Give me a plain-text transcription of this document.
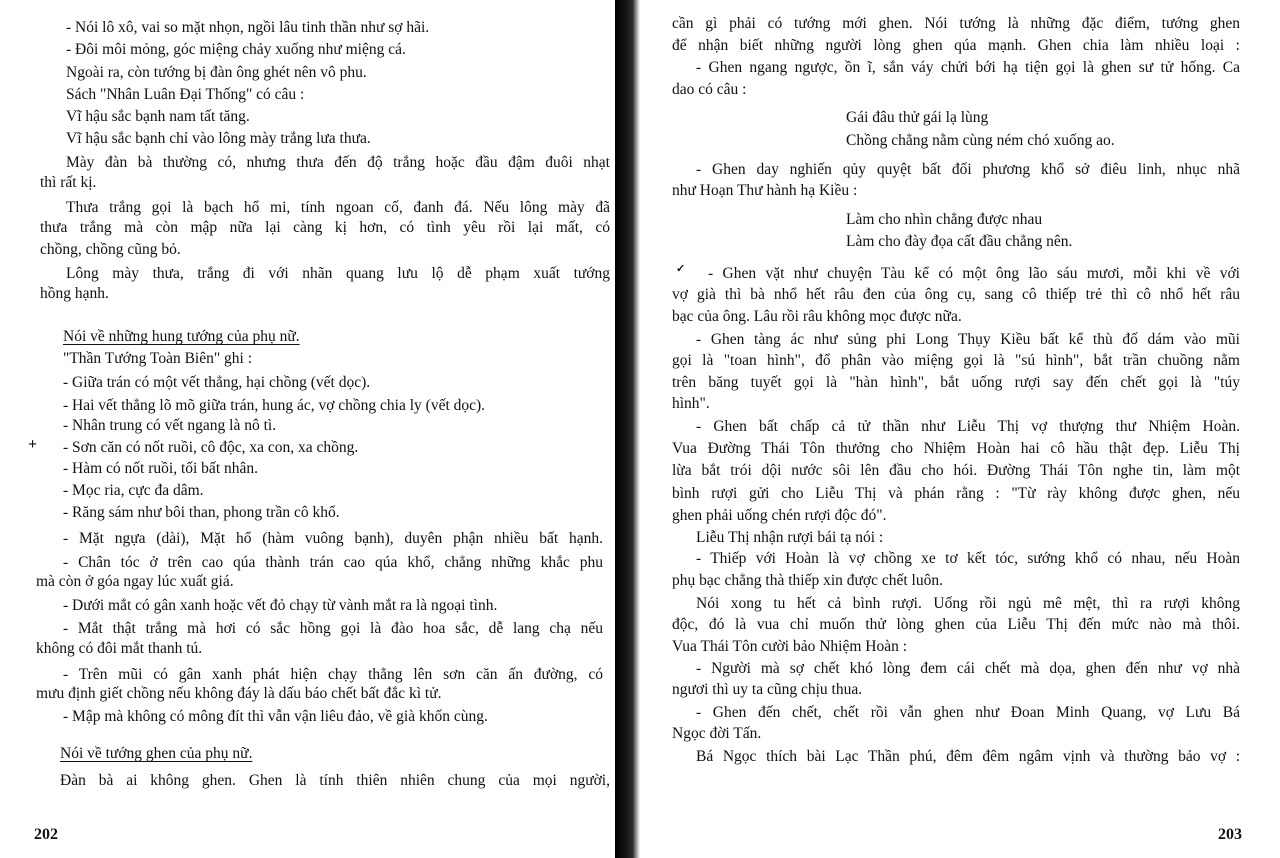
- Nói lô xô, vai so mặt nhọn, ngồi lâu tinh thần như sợ hãi.
- Đôi môi mỏng, góc miệng chảy xuống như miệng cá.
Ngoài ra, còn tướng bị đàn ông ghét nên vô phu.
Sách "Nhân Luân Đại Thống" có câu :
Vĩ hậu sắc bạnh nam tất tăng.
Vĩ hậu sắc bạnh chỉ vào lông mày trắng lưa thưa.
Mày đàn bà thường có, nhưng thưa đến độ trắng hoặc đầu đậm đuôi nhạt
thì rất kị.
Thưa trắng gọi là bạch hổ mi, tính ngoan cố, đanh đá. Nếu lông mày đã
thưa trắng mà còn mập nữa lại càng kị hơn, có tình yêu rồi lại mất, có
chồng, chồng cũng bỏ.
Lông mày thưa, trắng đi với nhãn quang lưu lộ dễ phạm xuất tướng
hồng hạnh.
Nói về những hung tướng của phụ nữ.
"Thần Tướng Toàn Biên" ghi :
- Giữa trán có một vết thẳng, hại chồng (vết dọc).
- Hai vết thẳng lõ mõ giữa trán, hung ác, vợ chồng chia ly (vết dọc).
- Nhân trung có vết ngang là nô tì.
- Sơn căn có nốt ruồi, cô độc, xa con, xa chồng.
- Hàm có nốt ruồi, tối bất nhân.
- Mọc ria, cực đa dâm.
- Răng sám như bôi than, phong trần cô khổ.
- Mặt ngựa (dài), Mặt hổ (hàm vuông bạnh), duyên phận nhiều bất hạnh.
- Chân tóc ở trên cao qúa thành trán cao qúa khổ, chẳng những khắc phu
mà còn ở góa ngay lúc xuất giá.
- Dưới mắt có gân xanh hoặc vết đỏ chạy từ vành mắt ra là ngoại tình.
- Mắt thật trắng mà hơi có sắc hồng gọi là đào hoa sắc, dễ lang chạ nếu
không có đôi mắt thanh tú.
- Trên mũi có gân xanh phát hiện chạy thẳng lên sơn căn ấn đường, có
mưu định giết chồng nếu không đáy là dấu báo chết bất đắc kì tử.
- Mập mà không có mông đít thì vẫn vận liêu đảo, về già khốn cùng.
Nói về tướng ghen của phụ nữ.
Đàn bà ai không ghen. Ghen là tính thiên nhiên chung của mọi người,
202
cần gì phải có tướng mới ghen. Nói tướng là những đặc điểm, tướng ghen
để nhận biết những người lòng ghen qúa mạnh. Ghen chia làm nhiều loại :
- Ghen ngang ngược, ồn ĩ, sắn váy chửi bới hạ tiện gọi là ghen sư tử hống. Ca
dao có câu :
Gái đâu thử gái lạ lùng
Chồng chẳng nằm cùng ném chó xuống ao.
- Ghen day nghiến qủy quyệt bất đối phương khổ sở điêu linh, nhục nhã
như Hoạn Thư hành hạ Kiều :
Làm cho nhìn chẳng được nhau
Làm cho đày đọa cất đầu chẳng nên.
- Ghen vặt như chuyện Tàu kể có một ông lão sáu mươi, mỗi khi về với
vợ già thì bà nhổ hết râu đen của ông cụ, sang cô thiếp trẻ thì cô nhổ hết râu
bạc của ông. Lâu rồi râu không mọc được nữa.
- Ghen tàng ác như sủng phi Long Thụy Kiều bất kể thù đố dám vào mũi
gọi là "toan hình", đổ phân vào miệng gọi là "sú hình", bắt trần chuồng nằm
trên băng tuyết gọi là "hàn hình", bắt uống rượi say đến chết gọi là "túy
hình".
- Ghen bất chấp cả tử thần như Liễu Thị vợ thượng thư Nhiệm Hoàn.
Vua Đường Thái Tôn thưởng cho Nhiệm Hoàn hai cô hầu thật đẹp. Liễu Thị
lừa bắt trói dội nước sôi lên đầu cho hói. Đường Thái Tôn nghe tin, làm một
bình rượi gửi cho Liễu Thị và phán rằng : "Từ rày không được ghen, nếu
ghen phải uống chén rượi độc đó".
Liễu Thị nhận rượi bái tạ nói :
- Thiếp với Hoàn là vợ chồng xe tơ kết tóc, sướng khổ có nhau, nếu Hoàn
phụ bạc chẳng thà thiếp xin được chết luôn.
Nói xong tu hết cả bình rượi. Uống rồi ngủ mê mệt, thì ra rượi không
độc, đó là vua chỉ muốn thử lòng ghen của Liễu Thị đến mức nào mà thôi.
Vua Thái Tôn cười bảo Nhiệm Hoàn :
- Người mà sợ chết khó lòng đem cái chết mà dọa, ghen đến như vợ nhà
ngươi thì uy ta cũng chịu thua.
- Ghen đến chết, chết rồi vẫn ghen như Đoan Minh Quang, vợ Lưu Bá
Ngọc đời Tấn.
Bá Ngọc thích bài Lạc Thần phú, đêm đêm ngâm vịnh và thường bảo vợ :
203
+
✓
